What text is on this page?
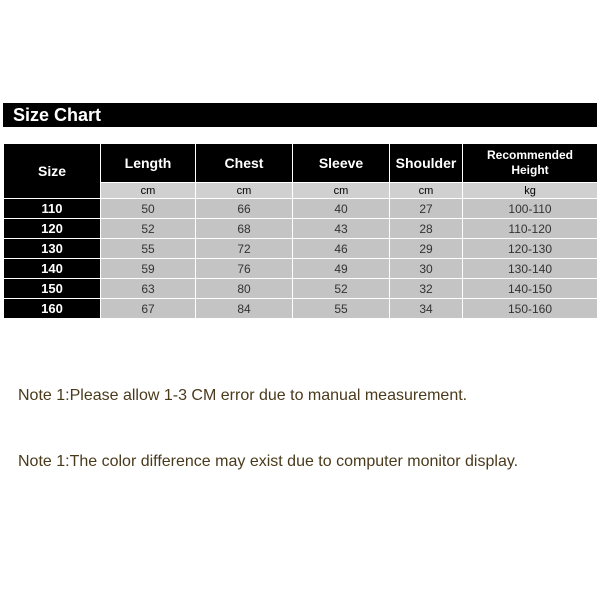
Size Chart
Size	Length	Chest	Sleeve	Shoulder	Recommended
Height

	cm	cm	cm	cm	kg
110	50	66	40	27	100-110
120	52	68	43	28	110-120
130	55	72	46	29	120-130
140	59	76	49	30	130-140
150	63	80	52	32	140-150
160	67	84	55	34	150-160
Note 1:Please allow 1-3 CM error due to manual measurement.
Note 1:The color difference may exist due to computer monitor display.
